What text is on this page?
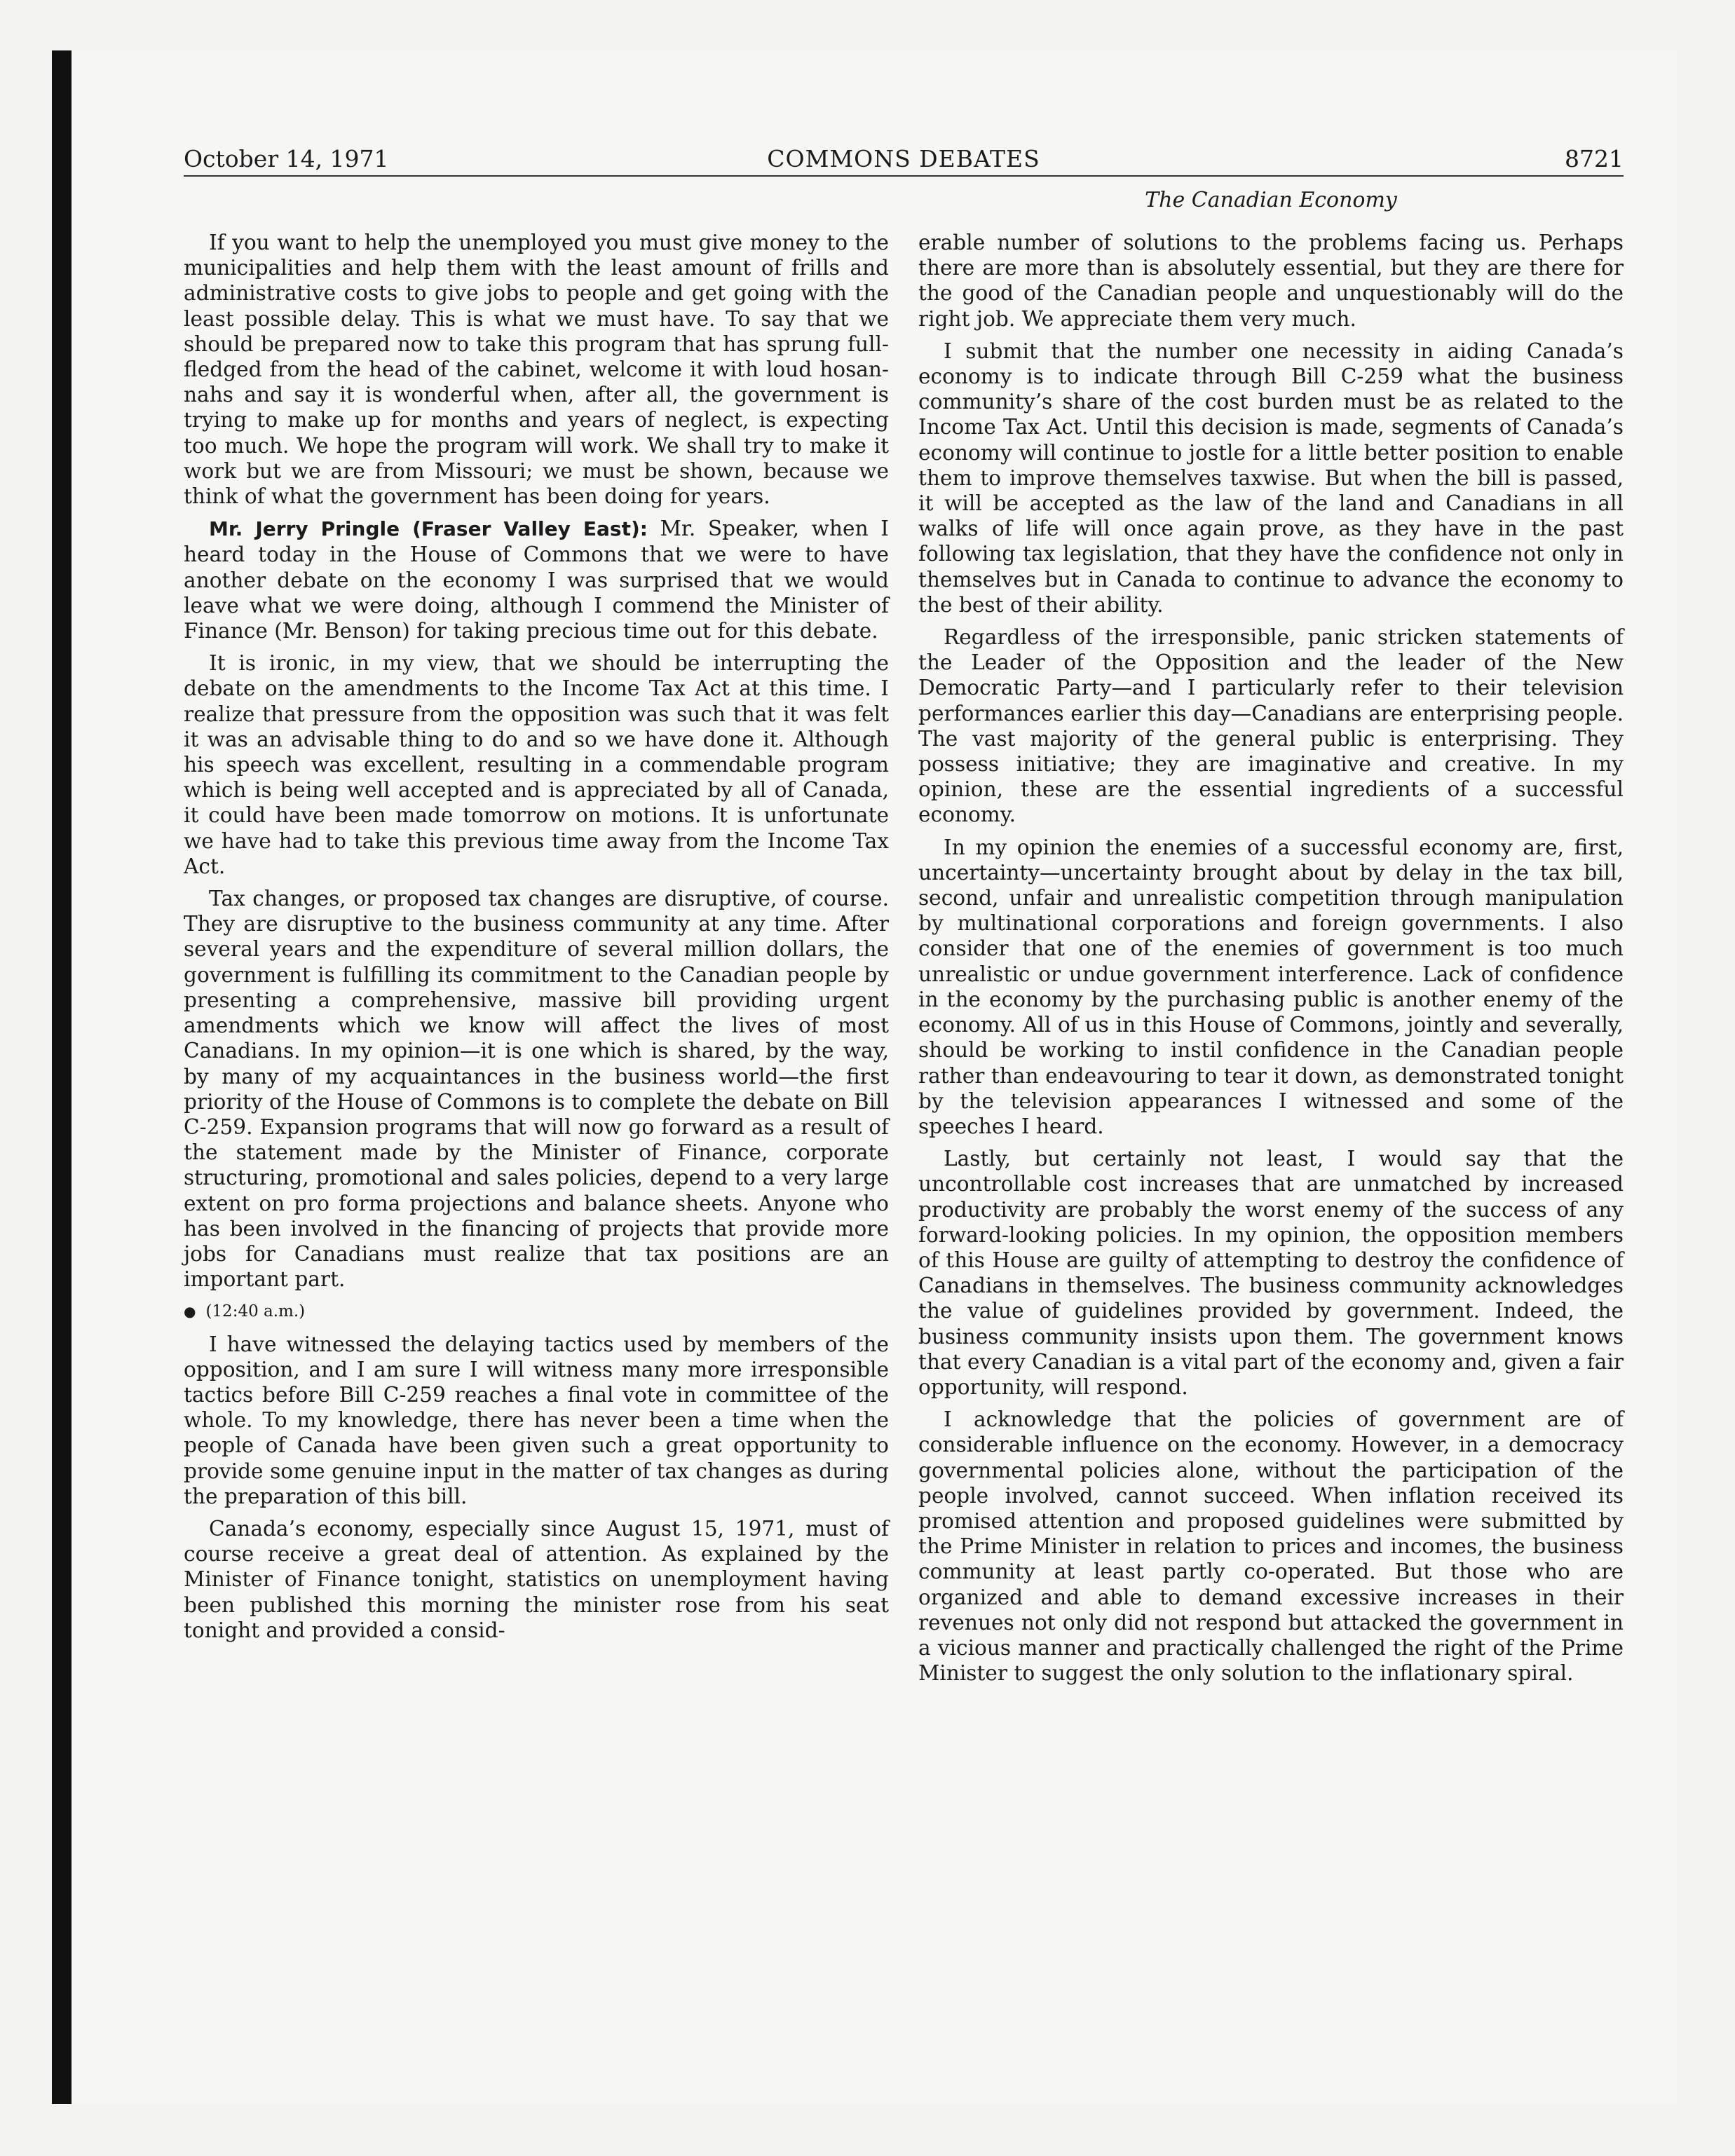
October 14, 1971	COMMONS DEBATES	8721
The Canadian Economy

If you want to help the unemployed you must give money to the municipalities and help them with the least amount of frills and administrative costs to give jobs to people and get going with the least possible delay. This is what we must have. To say that we should be prepared now to take this program that has sprung full-fledged from the head of the cabinet, welcome it with loud hosannahs and say it is wonderful when, after all, the government is trying to make up for months and years of neglect, is expecting too much. We hope the program will work. We shall try to make it work but we are from Missouri; we must be shown, because we think of what the government has been doing for years.

Mr. Jerry Pringle (Fraser Valley East): Mr. Speaker, when I heard today in the House of Commons that we were to have another debate on the economy I was surprised that we would leave what we were doing, although I commend the Minister of Finance (Mr. Benson) for taking precious time out for this debate.

It is ironic, in my view, that we should be interrupting the debate on the amendments to the Income Tax Act at this time. I realize that pressure from the opposition was such that it was felt it was an advisable thing to do and so we have done it. Although his speech was excellent, resulting in a commendable program which is being well accepted and is appreciated by all of Canada, it could have been made tomorrow on motions. It is unfortunate we have had to take this previous time away from the Income Tax Act.

Tax changes, or proposed tax changes are disruptive, of course. They are disruptive to the business community at any time. After several years and the expenditure of several million dollars, the government is fulfilling its commitment to the Canadian people by presenting a comprehensive, massive bill providing urgent amendments which we know will affect the lives of most Canadians. In my opinion—it is one which is shared, by the way, by many of my acquaintances in the business world—the first priority of the House of Commons is to complete the debate on Bill C-259. Expansion programs that will now go forward as a result of the statement made by the Minister of Finance, corporate structuring, promotional and sales policies, depend to a very large extent on pro forma projections and balance sheets. Anyone who has been involved in the financing of projects that provide more jobs for Canadians must realize that tax positions are an important part.

● (12:40 a.m.)

I have witnessed the delaying tactics used by members of the opposition, and I am sure I will witness many more irresponsible tactics before Bill C-259 reaches a final vote in committee of the whole. To my knowledge, there has never been a time when the people of Canada have been given such a great opportunity to provide some genuine input in the matter of tax changes as during the preparation of this bill.

Canada’s economy, especially since August 15, 1971, must of course receive a great deal of attention. As explained by the Minister of Finance tonight, statistics on unemployment having been published this morning the minister rose from his seat tonight and provided a consid-

erable number of solutions to the problems facing us. Perhaps there are more than is absolutely essential, but they are there for the good of the Canadian people and unquestionably will do the right job. We appreciate them very much.

I submit that the number one necessity in aiding Canada’s economy is to indicate through Bill C-259 what the business community’s share of the cost burden must be as related to the Income Tax Act. Until this decision is made, segments of Canada’s economy will continue to jostle for a little better position to enable them to improve themselves taxwise. But when the bill is passed, it will be accepted as the law of the land and Canadians in all walks of life will once again prove, as they have in the past following tax legislation, that they have the confidence not only in themselves but in Canada to continue to advance the economy to the best of their ability.

Regardless of the irresponsible, panic stricken statements of the Leader of the Opposition and the leader of the New Democratic Party—and I particularly refer to their television performances earlier this day—Canadians are enterprising people. The vast majority of the general public is enterprising. They possess initiative; they are imaginative and creative. In my opinion, these are the essential ingredients of a successful economy.

In my opinion the enemies of a successful economy are, first, uncertainty—uncertainty brought about by delay in the tax bill, second, unfair and unrealistic competition through manipulation by multinational corporations and foreign governments. I also consider that one of the enemies of government is too much unrealistic or undue government interference. Lack of confidence in the economy by the purchasing public is another enemy of the economy. All of us in this House of Commons, jointly and severally, should be working to instil confidence in the Canadian people rather than endeavouring to tear it down, as demonstrated tonight by the television appearances I witnessed and some of the speeches I heard.

Lastly, but certainly not least, I would say that the uncontrollable cost increases that are unmatched by increased productivity are probably the worst enemy of the success of any forward-looking policies. In my opinion, the opposition members of this House are guilty of attempting to destroy the confidence of Canadians in themselves. The business community acknowledges the value of guidelines provided by government. Indeed, the business community insists upon them. The government knows that every Canadian is a vital part of the economy and, given a fair opportunity, will respond.

I acknowledge that the policies of government are of considerable influence on the economy. However, in a democracy governmental policies alone, without the participation of the people involved, cannot succeed. When inflation received its promised attention and proposed guidelines were submitted by the Prime Minister in relation to prices and incomes, the business community at least partly co-operated. But those who are organized and able to demand excessive increases in their revenues not only did not respond but attacked the government in a vicious manner and practically challenged the right of the Prime Minister to suggest the only solution to the inflationary spiral.
